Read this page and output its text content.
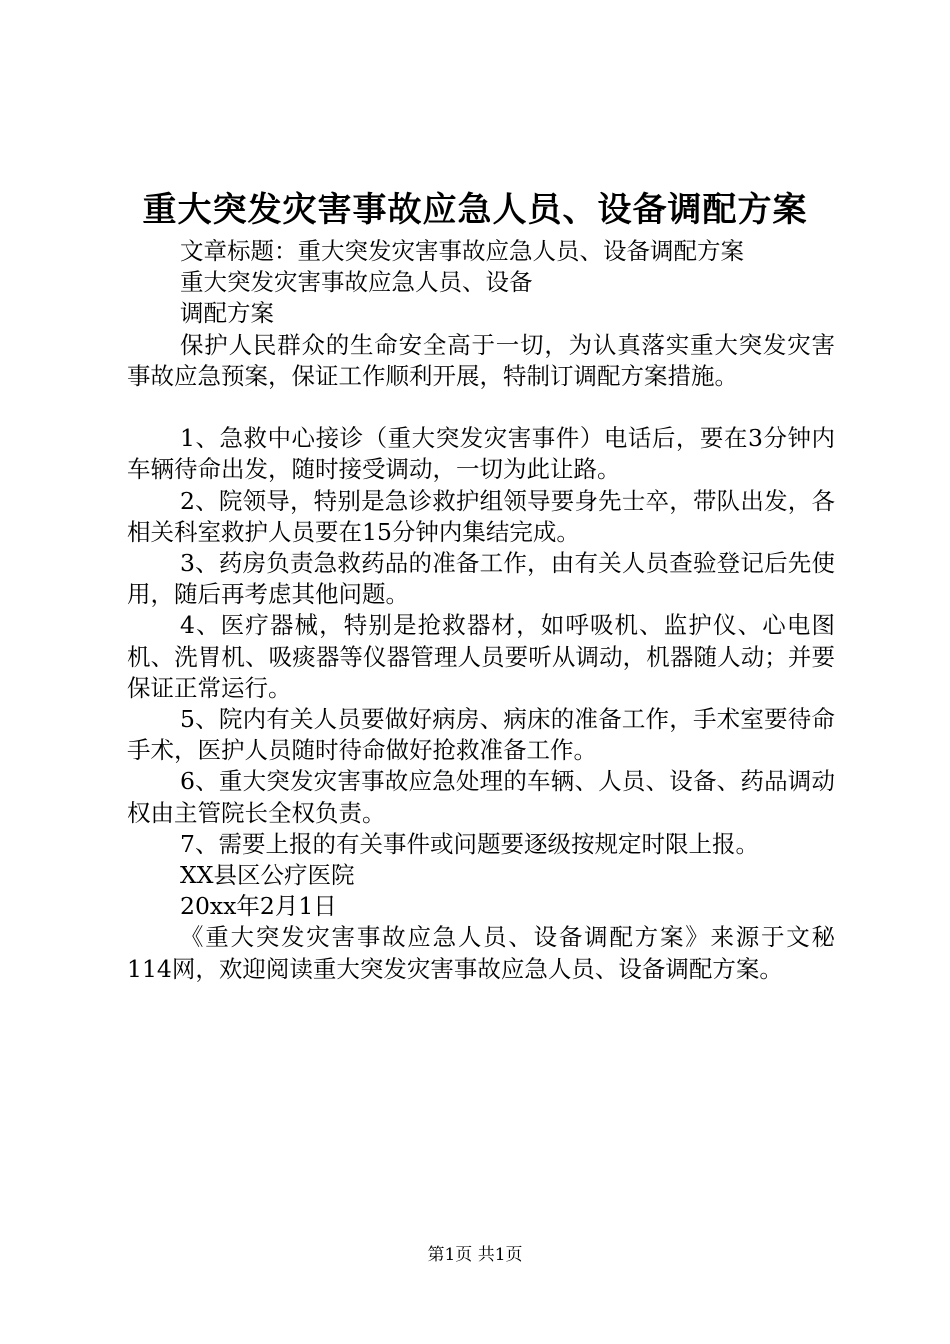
重大突发灾害事故应急人员、设备调配方案

文章标题：重大突发灾害事故应急人员、设备调配方案

重大突发灾害事故应急人员、设备

调配方案

保护人民群众的生命安全高于一切，为认真落实重大突发灾害事故应急预案，保证工作顺利开展，特制订调配方案措施。

1、急救中心接诊（重大突发灾害事件）电话后，要在3分钟内车辆待命出发，随时接受调动，一切为此让路。

2、院领导，特别是急诊救护组领导要身先士卒，带队出发，各相关科室救护人员要在15分钟内集结完成。

3、药房负责急救药品的准备工作，由有关人员查验登记后先使用，随后再考虑其他问题。

4、医疗器械，特别是抢救器材，如呼吸机、监护仪、心电图机、洗胃机、吸痰器等仪器管理人员要听从调动，机器随人动；并要保证正常运行。

5、院内有关人员要做好病房、病床的准备工作，手术室要待命手术，医护人员随时待命做好抢救准备工作。

6、重大突发灾害事故应急处理的车辆、人员、设备、药品调动权由主管院长全权负责。

7、需要上报的有关事件或问题要逐级按规定时限上报。

XX县区公疗医院

20xx年2月1日

《重大突发灾害事故应急人员、设备调配方案》来源于文秘114网，欢迎阅读重大突发灾害事故应急人员、设备调配方案。

第1页 共1页
